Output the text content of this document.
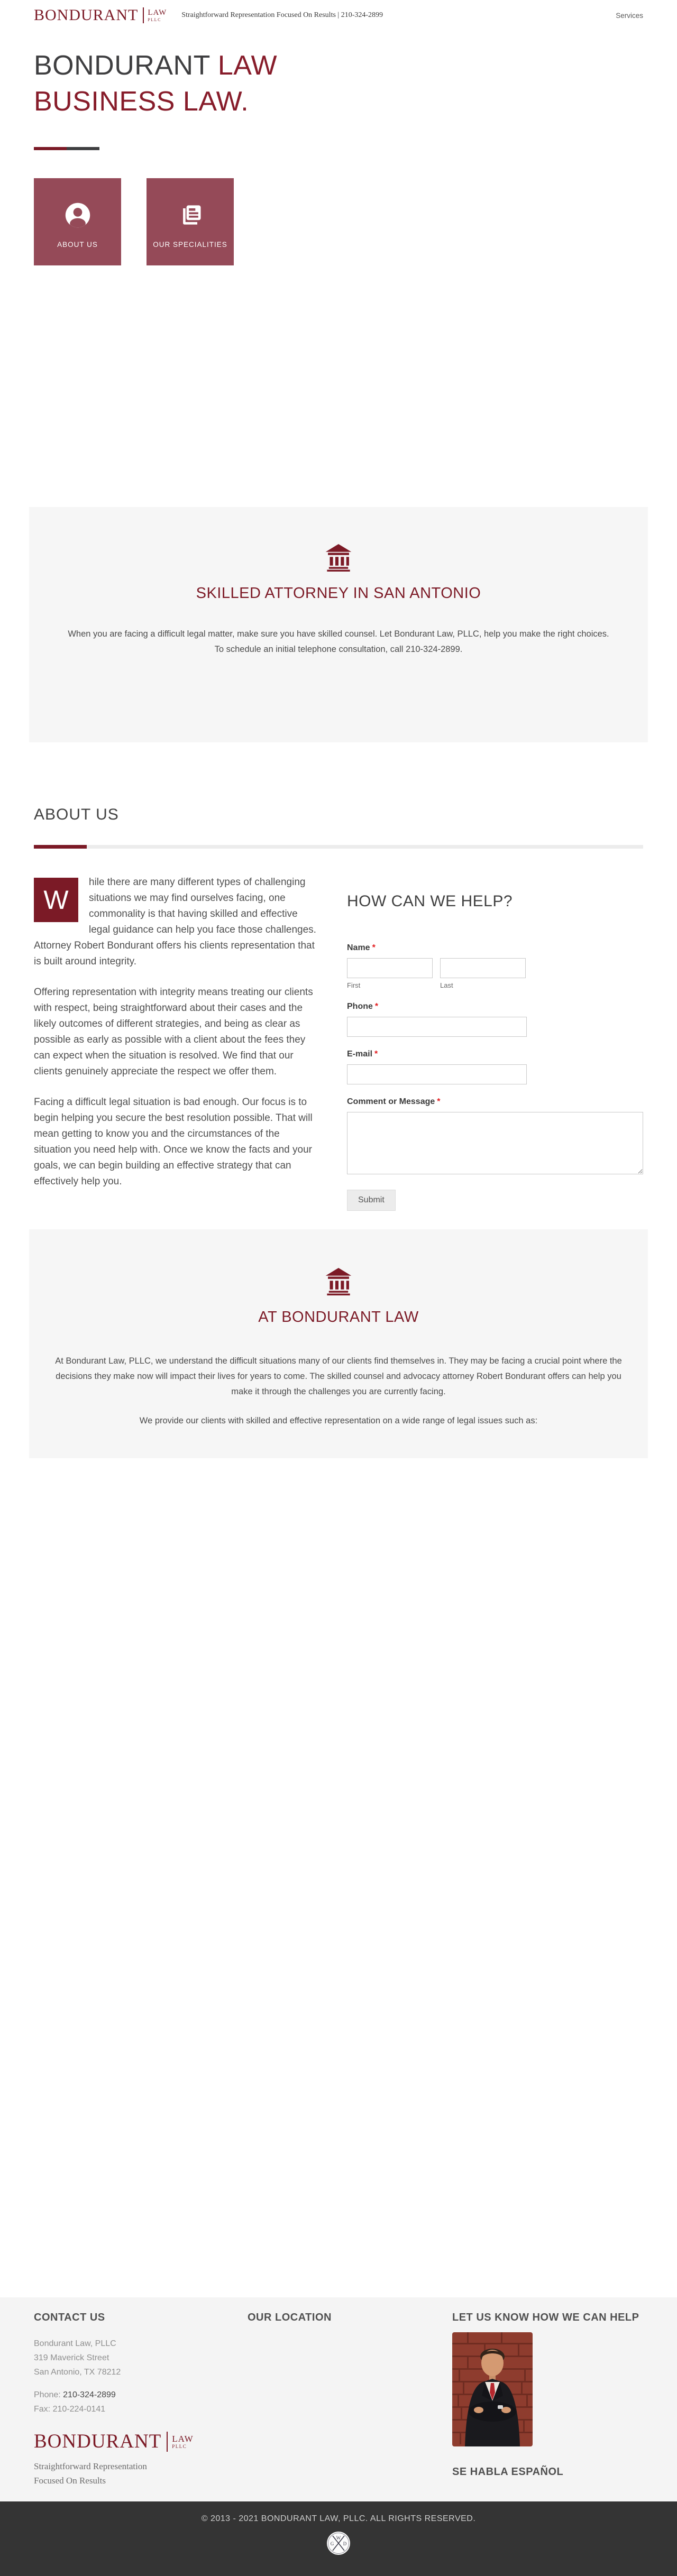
BONDURANT LAW
PLLC
Straightforward Representation Focused On Results | 210-324-2899	Services
BONDURANT LAW
BUSINESS LAW.
ABOUT US	OUR SPECIALITIES
SKILLED ATTORNEY IN SAN ANTONIO

When you are facing a difficult legal matter, make sure you have skilled counsel. Let Bondurant Law, PLLC, help you make the right choices. To schedule an initial telephone consultation, call 210-324-2899.

ABOUT US

W
hile there are many different types of challenging situations we may find ourselves facing, one commonality is that having skilled and effective legal guidance can help you face those challenges. Attorney Robert Bondurant offers his clients representation that is built around integrity.

Offering representation with integrity means treating our clients with respect, being straightforward about their cases and the likely outcomes of different strategies, and being as clear as possible as early as possible with a client about the fees they can expect when the situation is resolved. We find that our clients genuinely appreciate the respect we offer them.

Facing a difficult legal situation is bad enough. Our focus is to begin helping you secure the best resolution possible. That will mean getting to know you and the circumstances of the situation you need help with. Once we know the facts and your goals, we can begin building an effective strategy that can effectively help you.

HOW CAN WE HELP?
Name *
First	Last
Phone *
E-mail *
Comment or Message *
Submit
AT BONDURANT LAW

At Bondurant Law, PLLC, we understand the difficult situations many of our clients find themselves in. They may be facing a crucial point where the decisions they make now will impact their lives for years to come. The skilled counsel and advocacy attorney Robert Bondurant offers can help you make it through the challenges you are currently facing.

We provide our clients with skilled and effective representation on a wide range of legal issues such as:

CONTACT US
Bondurant Law, PLLC
319 Maverick Street
San Antonio, TX 78212
Phone: 210-324-2899
Fax: 210-224-0141
BONDURANT LAW
PLLC
Straightforward Representation
Focused On Results
OUR LOCATION	LET US KNOW HOW WE CAN HELP
SE HABLA ESPAÑOL
© 2013 - 2021 BONDURANT LAW, PLLC. ALL RIGHTS RESERVED.
W
G D
